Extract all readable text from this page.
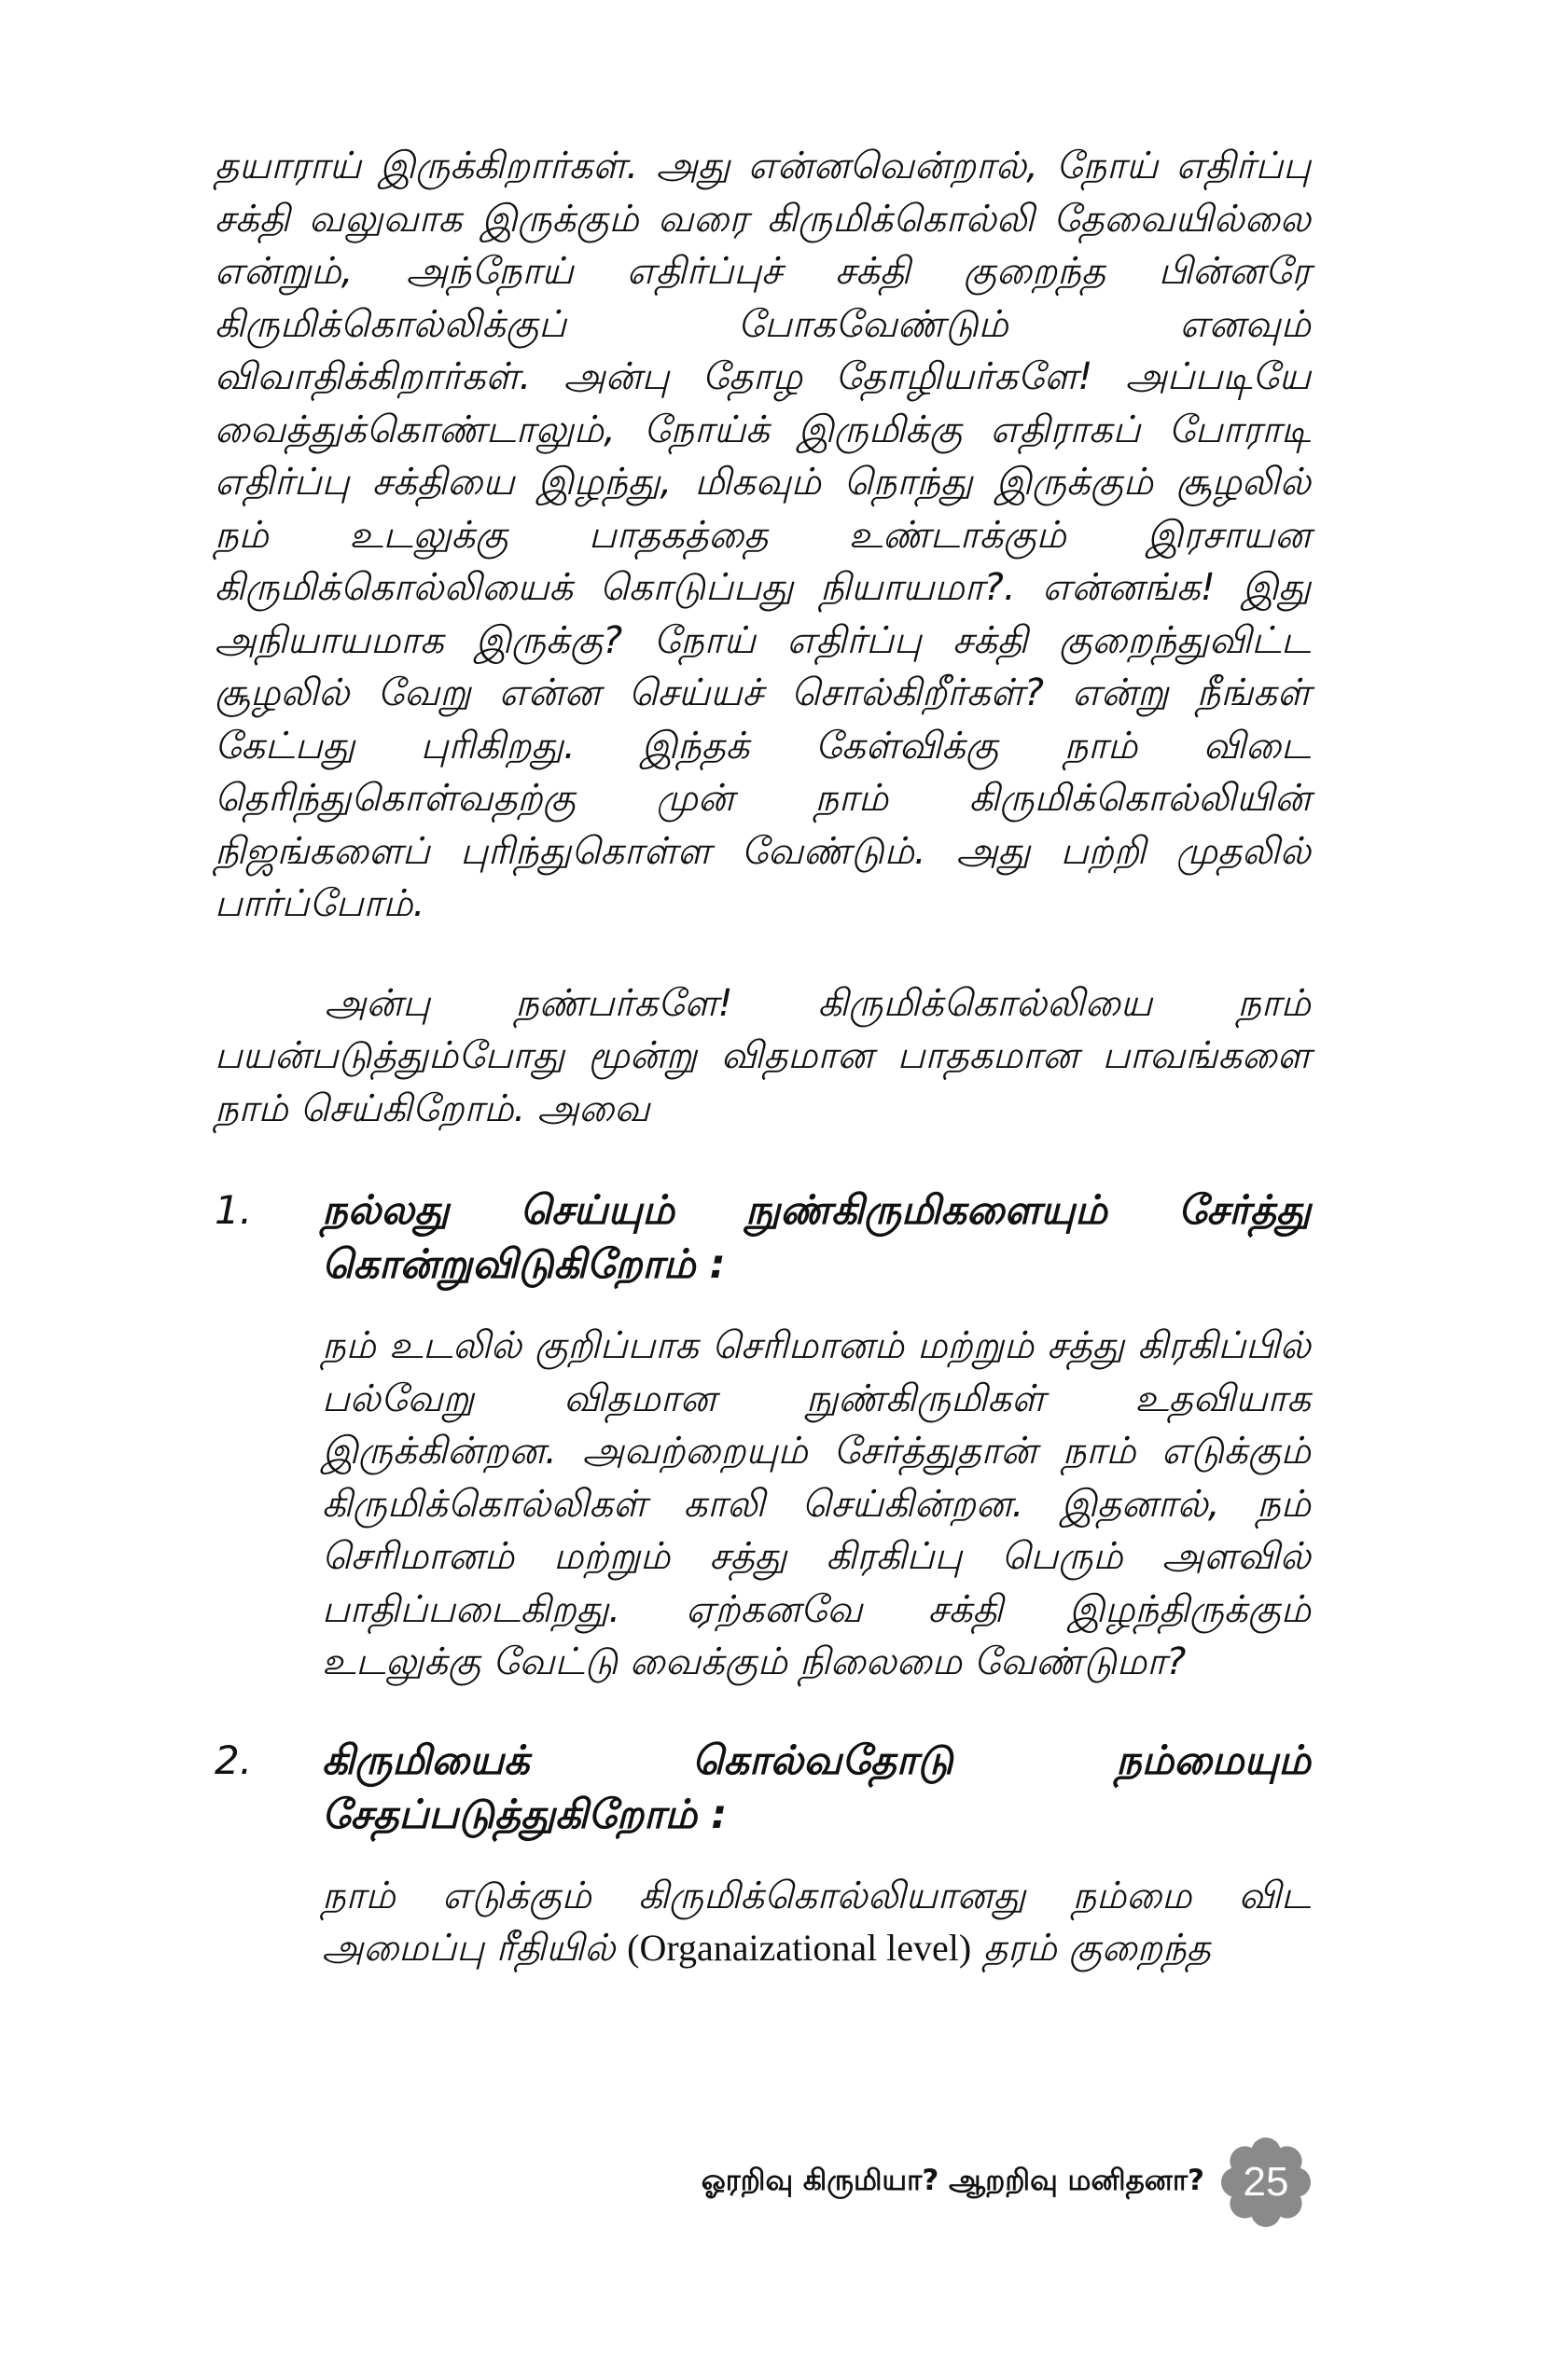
தயாராய் இருக்கிறார்கள். அது என்னவென்றால், நோய் எதிர்ப்பு சக்தி வலுவாக இருக்கும் வரை கிருமிக்கொல்லி தேவையில்லை என்றும், அந்நோய் எதிர்ப்புச் சக்தி குறைந்த பின்னரே கிருமிக்கொல்லிக்குப் போகவேண்டும் எனவும் விவாதிக்கிறார்கள். அன்பு தோழ தோழியர்களே! அப்படியே வைத்துக்கொண்டாலும், நோய்க் இருமிக்கு எதிராகப் போராடி எதிர்ப்பு சக்தியை இழந்து, மிகவும் நொந்து இருக்கும் சூழலில் நம் உடலுக்கு பாதகத்தை உண்டாக்கும் இரசாயன கிருமிக்கொல்லியைக் கொடுப்பது நியாயமா?. என்னங்க! இது அநியாயமாக இருக்கு? நோய் எதிர்ப்பு சக்தி குறைந்துவிட்ட சூழலில் வேறு என்ன செய்யச் சொல்கிறீர்கள்? என்று நீங்கள் கேட்பது புரிகிறது. இந்தக் கேள்விக்கு நாம் விடை தெரிந்துகொள்வதற்கு முன் நாம் கிருமிக்கொல்லியின் நிஜங்களைப் புரிந்துகொள்ள வேண்டும். அது பற்றி முதலில் பார்ப்போம்.

அன்பு நண்பர்களே! கிருமிக்கொல்லியை நாம் பயன்படுத்தும்போது மூன்று விதமான பாதகமான பாவங்களை நாம் செய்கிறோம். அவை

1. நல்லது செய்யும் நுண்கிருமிகளையும் சேர்த்து கொன்றுவிடுகிறோம் :

நம் உடலில் குறிப்பாக செரிமானம் மற்றும் சத்து கிரகிப்பில் பல்வேறு விதமான நுண்கிருமிகள் உதவியாக இருக்கின்றன. அவற்றையும் சேர்த்துதான் நாம் எடுக்கும் கிருமிக்கொல்லிகள் காலி செய்கின்றன. இதனால், நம் செரிமானம் மற்றும் சத்து கிரகிப்பு பெரும் அளவில் பாதிப்படைகிறது. ஏற்கனவே சக்தி இழந்திருக்கும் உடலுக்கு வேட்டு வைக்கும் நிலைமை வேண்டுமா?

2. கிருமியைக் கொல்வதோடு நம்மையும் சேதப்படுத்துகிறோம் :

நாம் எடுக்கும் கிருமிக்கொல்லியானது நம்மை விட அமைப்பு ரீதியில் (Organaizational level) தரம் குறைந்த

ஓரறிவு கிருமியா? ஆறறிவு மனிதனா? 25
